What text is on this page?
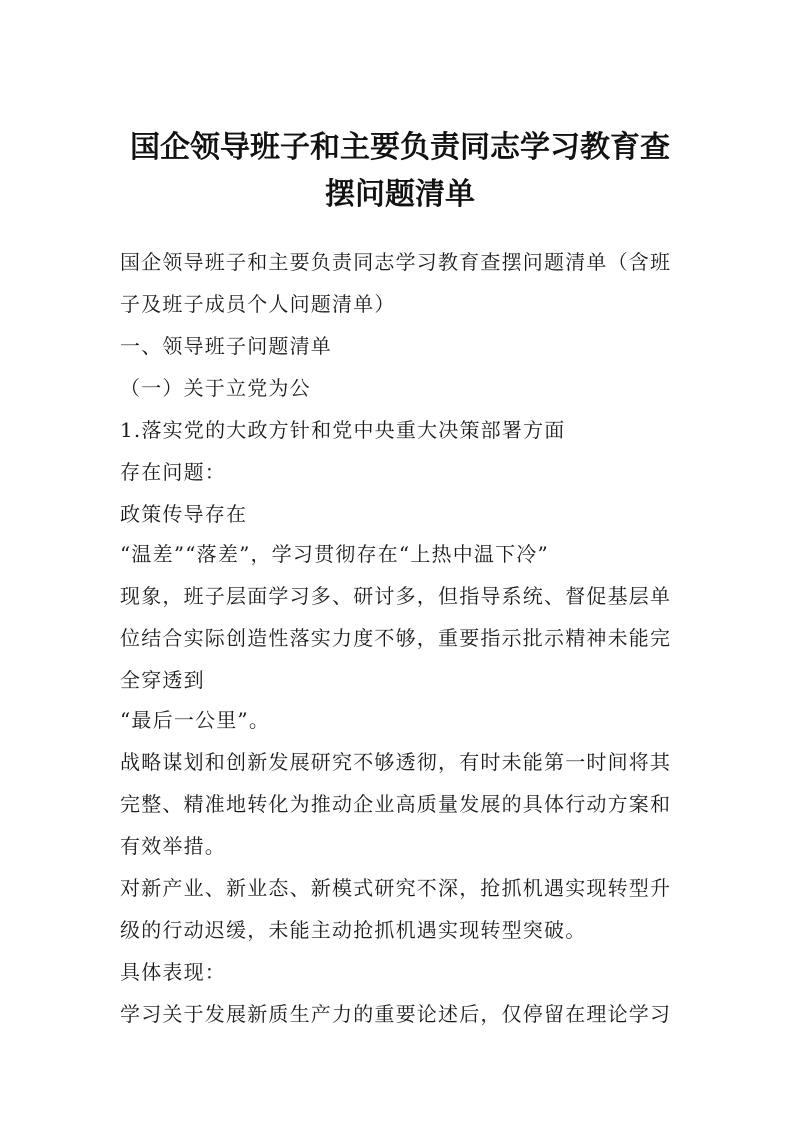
国企领导班子和主要负责同志学习教育查
摆问题清单
国企领导班子和主要负责同志学习教育查摆问题清单（含班
子及班子成员个人问题清单）
一、领导班子问题清单
（一）关于立党为公
1.落实党的大政方针和党中央重大决策部署方面
存在问题：
政策传导存在
“温差”“落差”，学习贯彻存在“上热中温下冷”
现象，班子层面学习多、研讨多，但指导系统、督促基层单
位结合实际创造性落实力度不够，重要指示批示精神未能完
全穿透到
“最后一公里”。
战略谋划和创新发展研究不够透彻，有时未能第一时间将其
完整、精准地转化为推动企业高质量发展的具体行动方案和
有效举措。
对新产业、新业态、新模式研究不深，抢抓机遇实现转型升
级的行动迟缓，未能主动抢抓机遇实现转型突破。
具体表现：
学习关于发展新质生产力的重要论述后，仅停留在理论学习
